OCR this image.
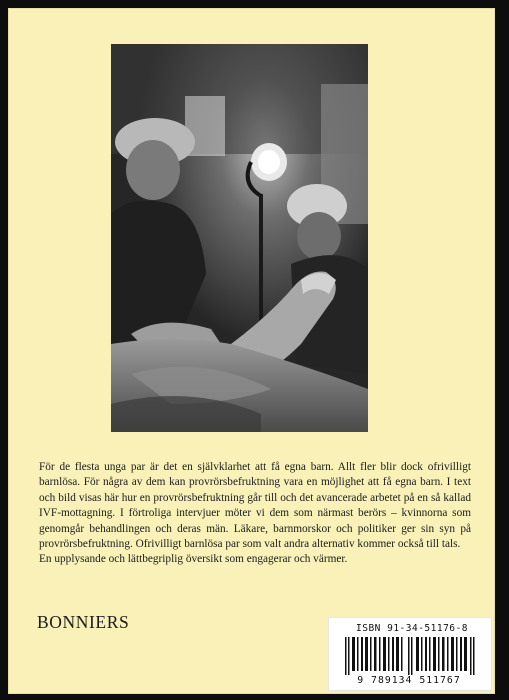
För de flesta unga par är det en självklarhet att få egna barn. Allt fler blir dock ofrivilligt barnlösa. För några av dem kan provrörsbefruktning vara en möjlighet att få egna barn. I text och bild visas här hur en provrörsbefruktning går till och det avancerade arbetet på en så kallad IVF-mottagning. I förtroliga intervjuer möter vi dem som närmast berörs – kvinnorna som genomgår behandlingen och deras män. Läkare, barnmorskor och politiker ger sin syn på provrörsbefruktning. Ofrivilligt barnlösa par som valt andra alternativ kommer också till tals.

En upplysande och lättbegriplig översikt som engagerar och värmer.

BONNIERS	ISBN 91-34-51176-8
9 789134 511767
